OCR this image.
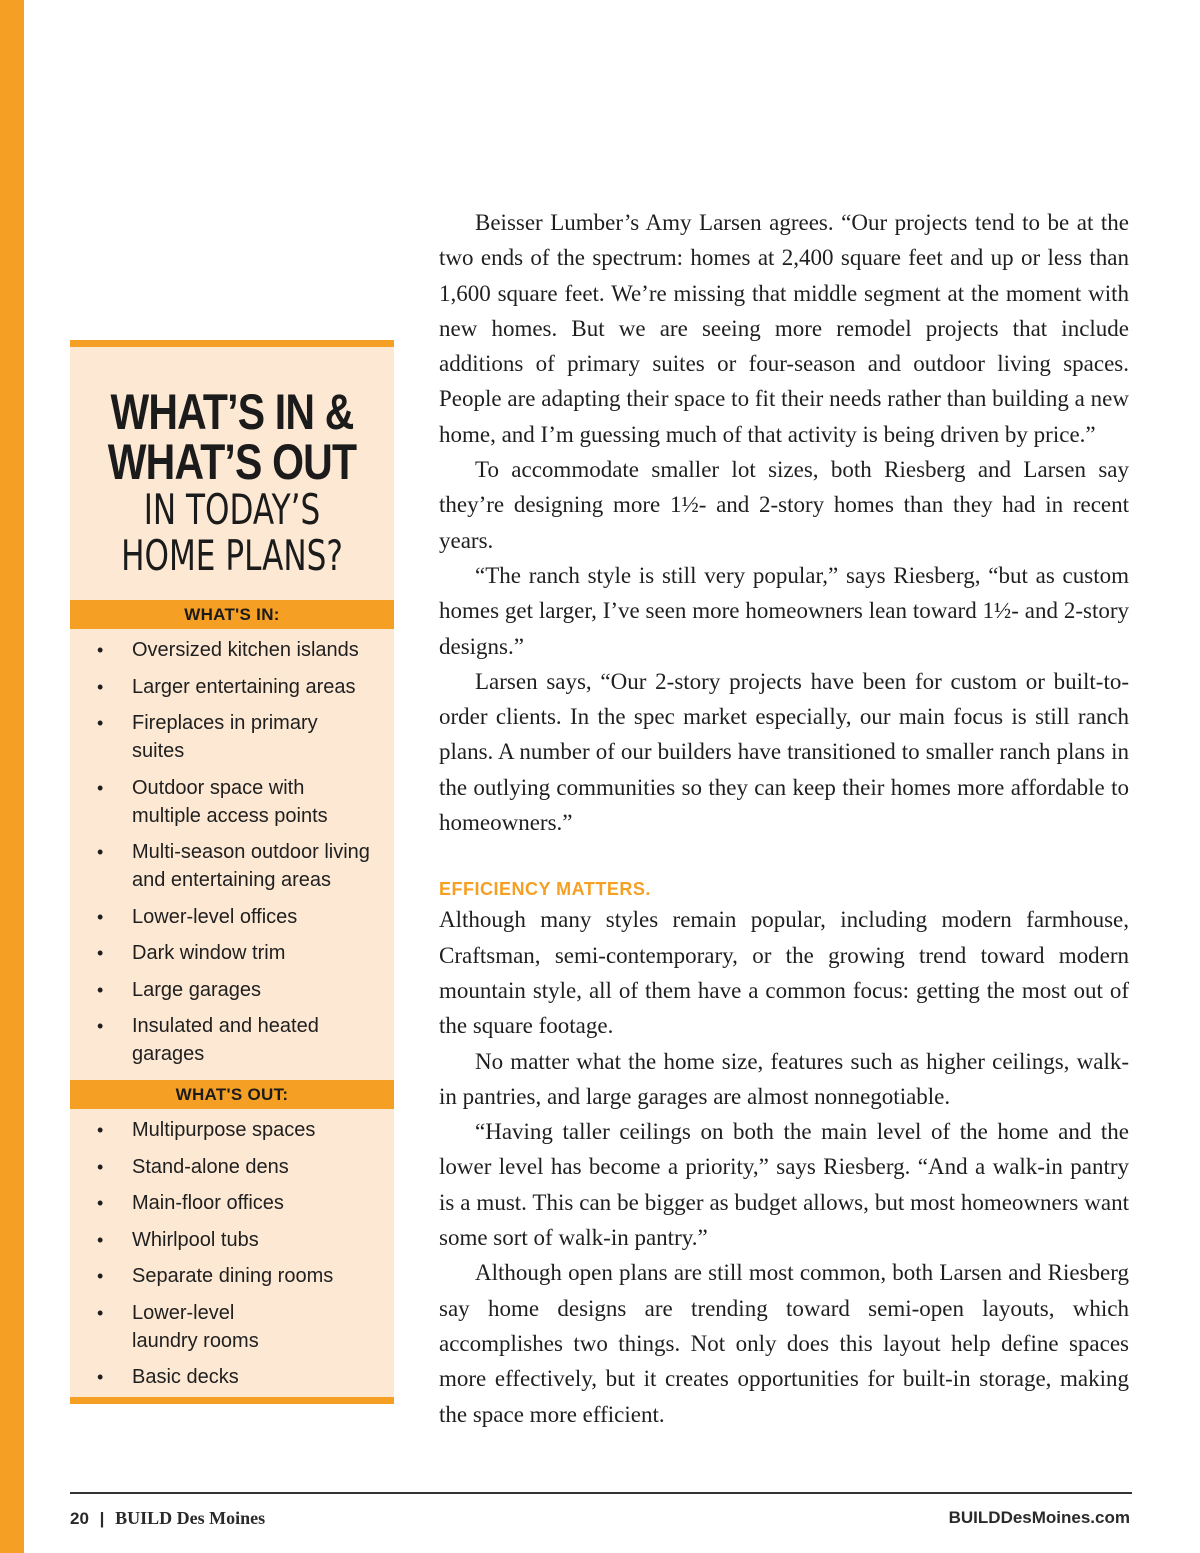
WHAT’S IN &
WHAT’S OUT
IN TODAY’S
HOME PLANS?
WHAT'S IN:
• Oversized kitchen islands
• Larger entertaining areas
• Fireplaces in primary suites
• Outdoor space with multiple access points
• Multi-season outdoor living and entertaining areas
• Lower-level offices
• Dark window trim
• Large garages
• Insulated and heated garages
WHAT'S OUT:
• Multipurpose spaces
• Stand-alone dens
• Main-floor offices
• Whirlpool tubs
• Separate dining rooms
• Lower-level laundry rooms
• Basic decks

Beisser Lumber’s Amy Larsen agrees. “Our projects tend to be at the two ends of the spectrum: homes at 2,400 square feet and up or less than 1,600 square feet. We’re missing that middle segment at the moment with new homes. But we are seeing more remodel projects that include additions of primary suites or four-season and outdoor living spaces. People are adapting their space to fit their needs rather than building a new home, and I’m guessing much of that activity is being driven by price.”

To accommodate smaller lot sizes, both Riesberg and Larsen say they’re designing more 1½- and 2-story homes than they had in recent years.

“The ranch style is still very popular,” says Riesberg, “but as custom homes get larger, I’ve seen more homeowners lean toward 1½- and 2-story designs.”

Larsen says, “Our 2-story projects have been for custom or built-to-order clients. In the spec market especially, our main focus is still ranch plans. A number of our builders have transitioned to smaller ranch plans in the outlying communities so they can keep their homes more affordable to homeowners.”

EFFICIENCY MATTERS.

Although many styles remain popular, including modern farmhouse, Craftsman, semi-contemporary, or the growing trend toward modern mountain style, all of them have a common focus: getting the most out of the square footage.

No matter what the home size, features such as higher ceilings, walk-in pantries, and large garages are almost nonnegotiable.

“Having taller ceilings on both the main level of the home and the lower level has become a priority,” says Riesberg. “And a walk-in pantry is a must. This can be bigger as budget allows, but most homeowners want some sort of walk-in pantry.”

Although open plans are still most common, both Larsen and Riesberg say home designs are trending toward semi-open layouts, which accomplishes two things. Not only does this layout help define spaces more effectively, but it creates opportunities for built-in storage, making the space more efficient.

20 | BUILD Des Moines	BUILDDesMoines.com
